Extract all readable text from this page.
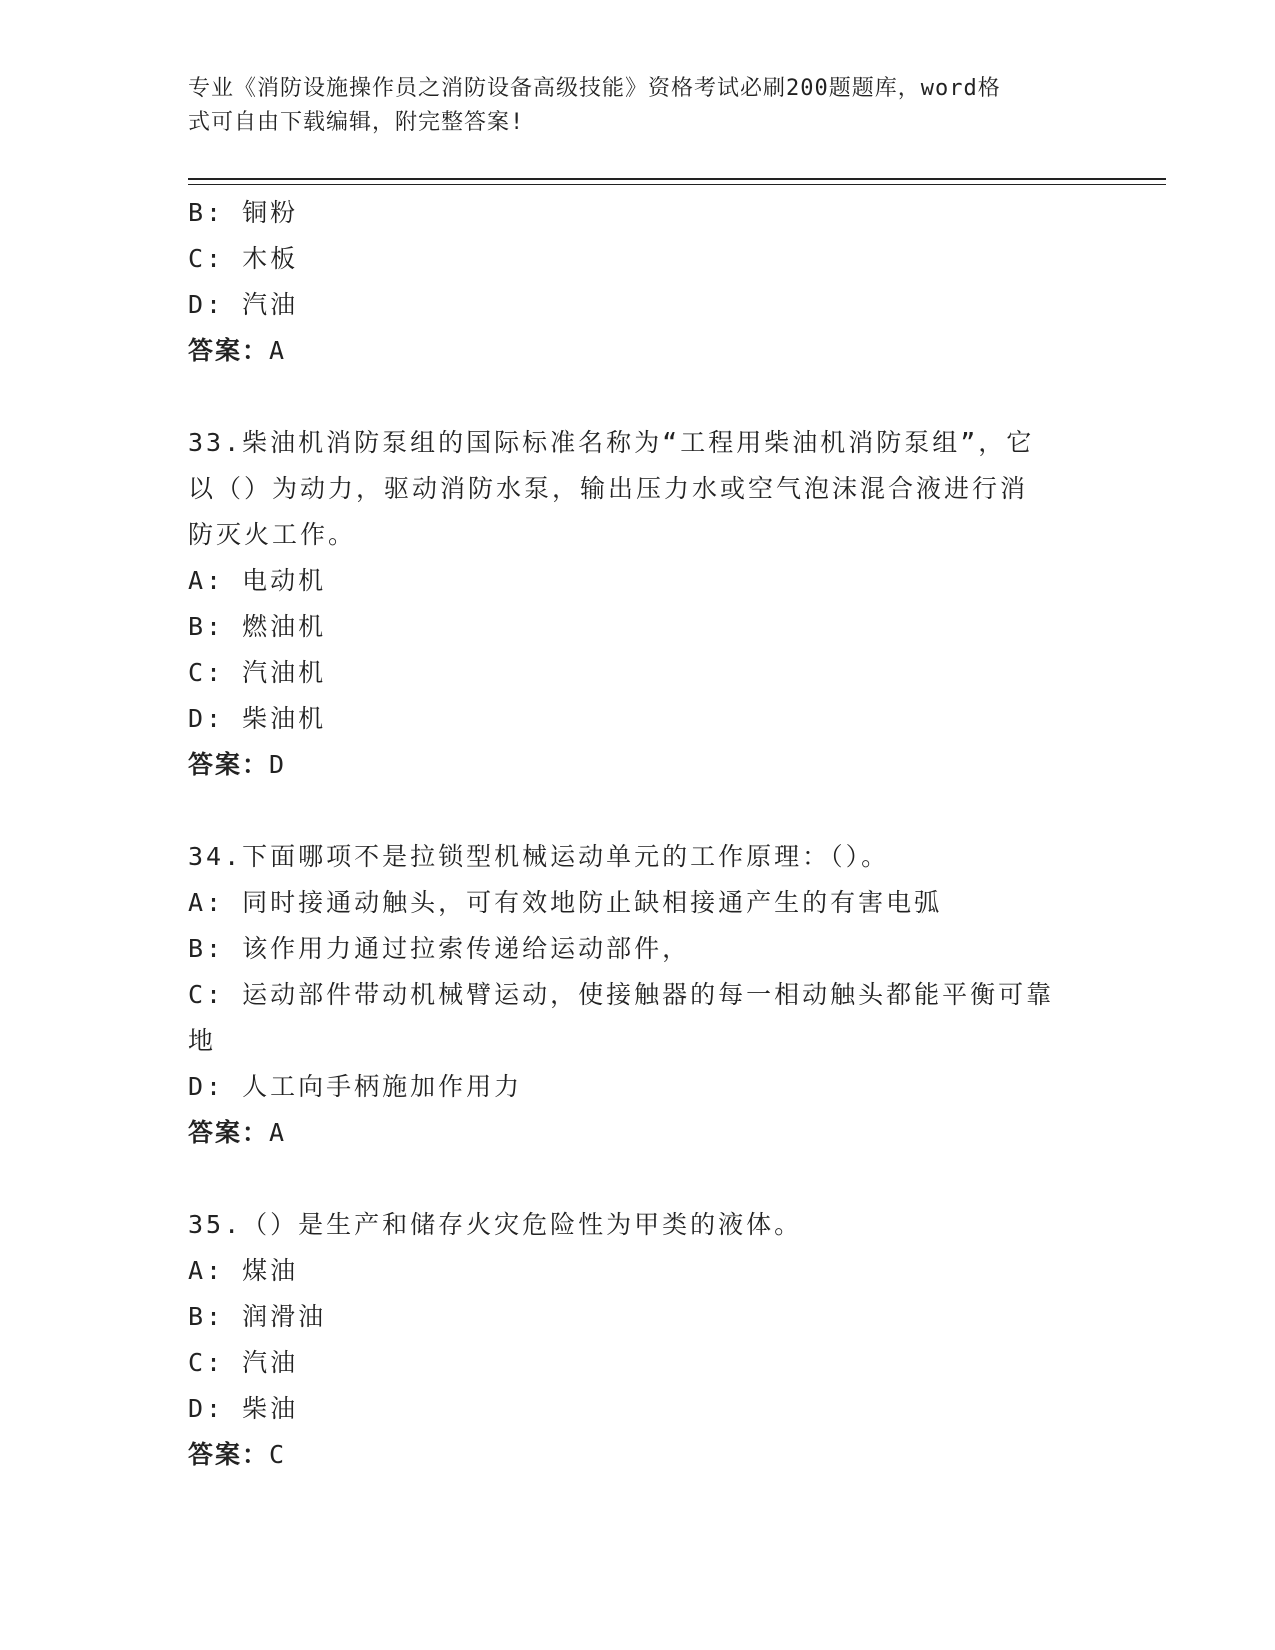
专业《消防设施操作员之消防设备高级技能》资格考试必刷200题题库，word格
式可自由下载编辑，附完整答案!
B: 铜粉
C: 木板
D: 汽油
答案：A
33.柴油机消防泵组的国际标准名称为“工程用柴油机消防泵组”，它
以（）为动力，驱动消防水泵，输出压力水或空气泡沫混合液进行消
防灭火工作。
A: 电动机
B: 燃油机
C: 汽油机
D: 柴油机
答案：D
34.下面哪项不是拉锁型机械运动单元的工作原理：（）。
A: 同时接通动触头，可有效地防止缺相接通产生的有害电弧
B: 该作用力通过拉索传递给运动部件，
C: 运动部件带动机械臂运动，使接触器的每一相动触头都能平衡可靠
地
D: 人工向手柄施加作用力
答案：A
35.（）是生产和储存火灾危险性为甲类的液体。
A: 煤油
B: 润滑油
C: 汽油
D: 柴油
答案：C
